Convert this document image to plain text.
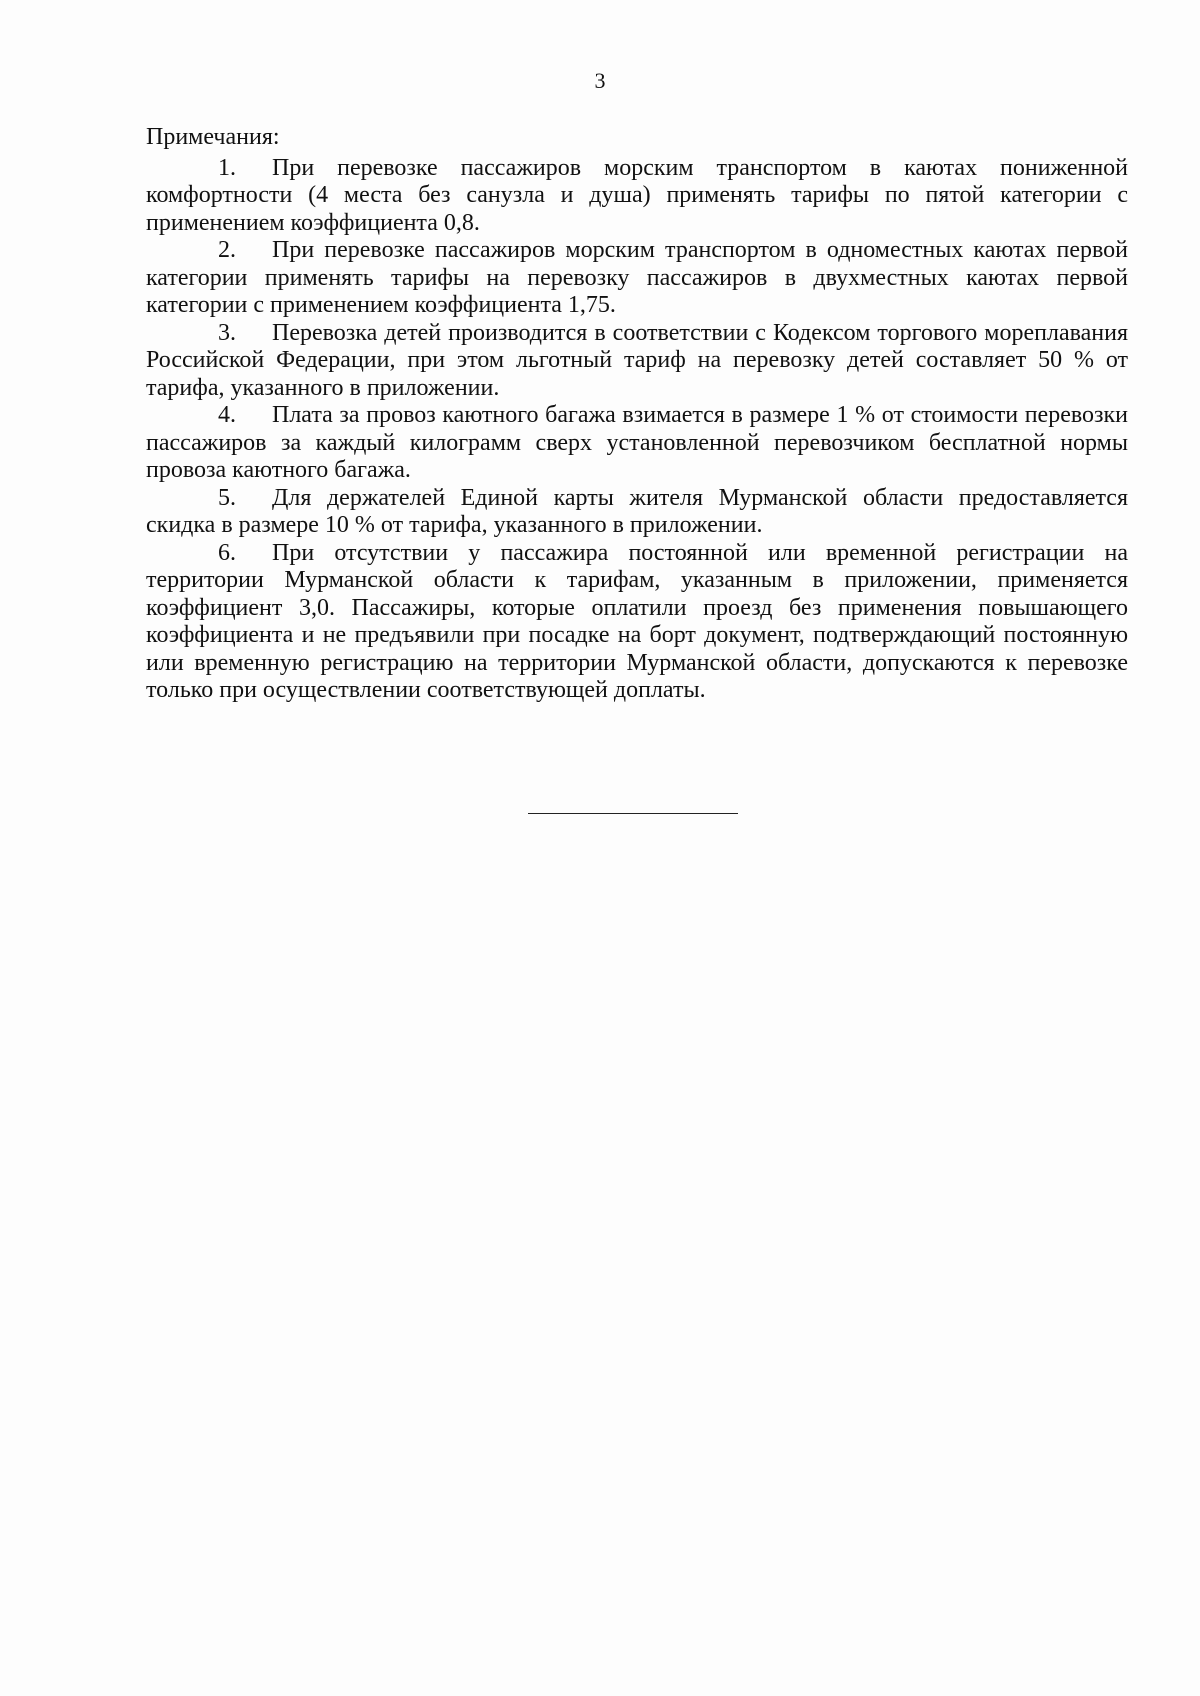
3
Примечания:

1. При перевозке пассажиров морским транспортом в каютах пониженной комфортности (4 места без санузла и душа) применять тарифы по пятой категории с применением коэффициента 0,8.

2. При перевозке пассажиров морским транспортом в одноместных каютах первой категории применять тарифы на перевозку пассажиров в двухместных каютах первой категории с применением коэффициента 1,75.

3. Перевозка детей производится в соответствии с Кодексом торгового мореплавания Российской Федерации, при этом льготный тариф на перевозку детей составляет 50 % от тарифа, указанного в приложении.

4. Плата за провоз каютного багажа взимается в размере 1 % от стоимости перевозки пассажиров за каждый килограмм сверх установленной перевозчиком бесплатной нормы провоза каютного багажа.

5. Для держателей Единой карты жителя Мурманской области предоставляется скидка в размере 10 % от тарифа, указанного в приложении.

6. При отсутствии у пассажира постоянной или временной регистрации на территории Мурманской области к тарифам, указанным в приложении, применяется коэффициент 3,0. Пассажиры, которые оплатили проезд без применения повышающего коэффициента и не предъявили при посадке на борт документ, подтверждающий постоянную или временную регистрацию на территории Мурманской области, допускаются к перевозке только при осуществлении соответствующей доплаты.
